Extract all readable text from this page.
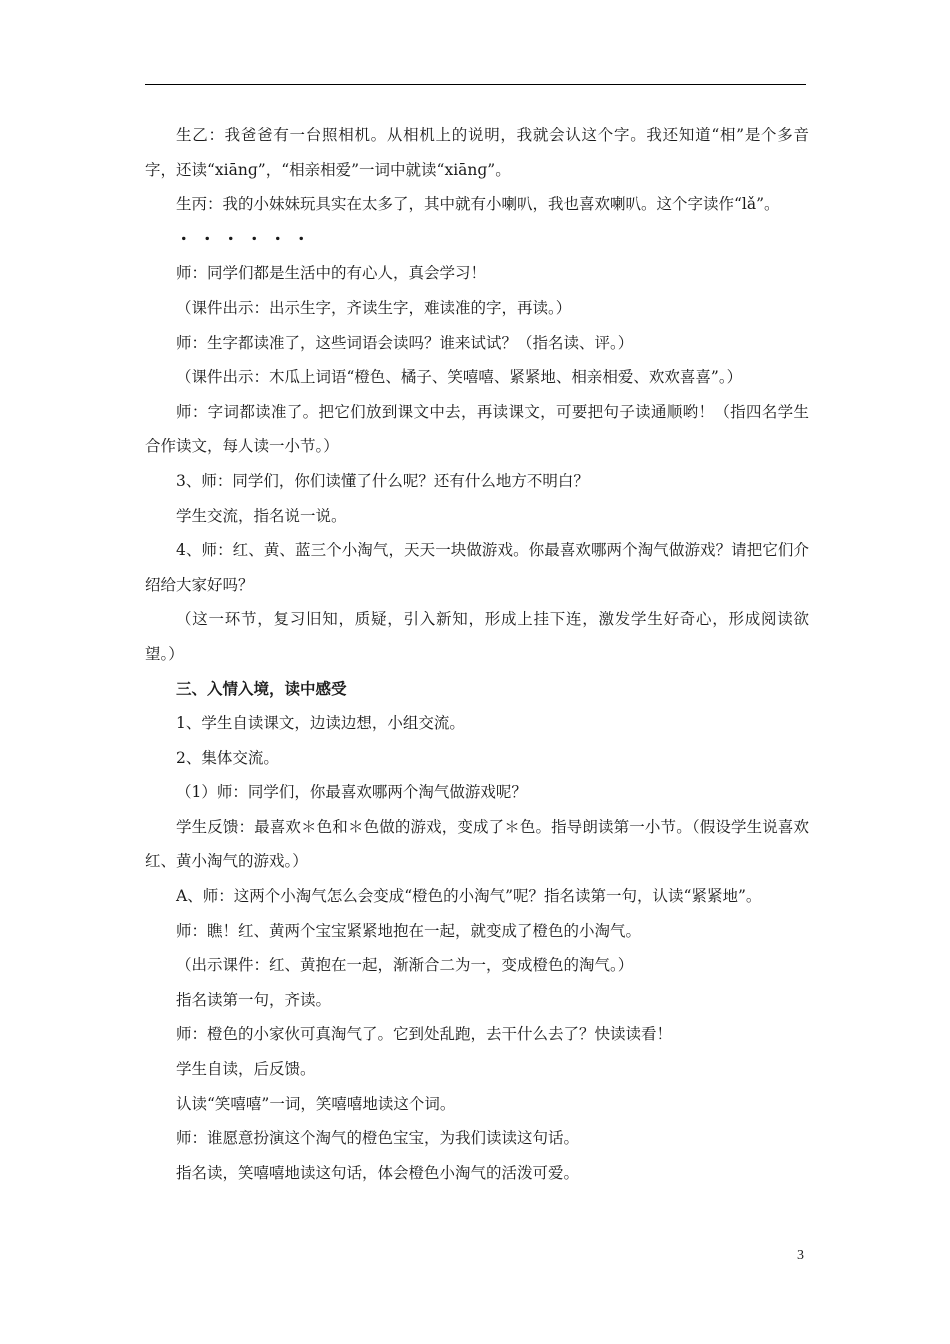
生乙：我爸爸有一台照相机。从相机上的说明，我就会认这个字。我还知道“相”是个多音字，还读“xiānɡ”，“相亲相爱”一词中就读“xiānɡ”。

生丙：我的小妹妹玩具实在太多了，其中就有小喇叭，我也喜欢喇叭。这个字读作“lǎ”。

・・・・・・

师：同学们都是生活中的有心人，真会学习！

（课件出示：出示生字，齐读生字，难读准的字，再读。）

师：生字都读准了，这些词语会读吗？谁来试试？（指名读、评。）

（课件出示：木瓜上词语“橙色、橘子、笑嘻嘻、紧紧地、相亲相爱、欢欢喜喜”。）

师：字词都读准了。把它们放到课文中去，再读课文，可要把句子读通顺哟！（指四名学生合作读文，每人读一小节。）

3、师：同学们，你们读懂了什么呢？还有什么地方不明白？

学生交流，指名说一说。

4、师：红、黄、蓝三个小淘气，天天一块做游戏。你最喜欢哪两个淘气做游戏？请把它们介绍给大家好吗？

（这一环节，复习旧知，质疑，引入新知，形成上挂下连，激发学生好奇心，形成阅读欲望。）

三、入情入境，读中感受

1、学生自读课文，边读边想，小组交流。

2、集体交流。

（1）师：同学们，你最喜欢哪两个淘气做游戏呢？

学生反馈：最喜欢＊色和＊色做的游戏，变成了＊色。指导朗读第一小节。（假设学生说喜欢红、黄小淘气的游戏。）

A、师：这两个小淘气怎么会变成“橙色的小淘气”呢？指名读第一句，认读“紧紧地”。

师：瞧！红、黄两个宝宝紧紧地抱在一起，就变成了橙色的小淘气。

（出示课件：红、黄抱在一起，渐渐合二为一，变成橙色的淘气。）

指名读第一句，齐读。

师：橙色的小家伙可真淘气了。它到处乱跑，去干什么去了？快读读看！

学生自读，后反馈。

认读“笑嘻嘻”一词，笑嘻嘻地读这个词。

师：谁愿意扮演这个淘气的橙色宝宝，为我们读读这句话。

指名读，笑嘻嘻地读这句话，体会橙色小淘气的活泼可爱。

3
